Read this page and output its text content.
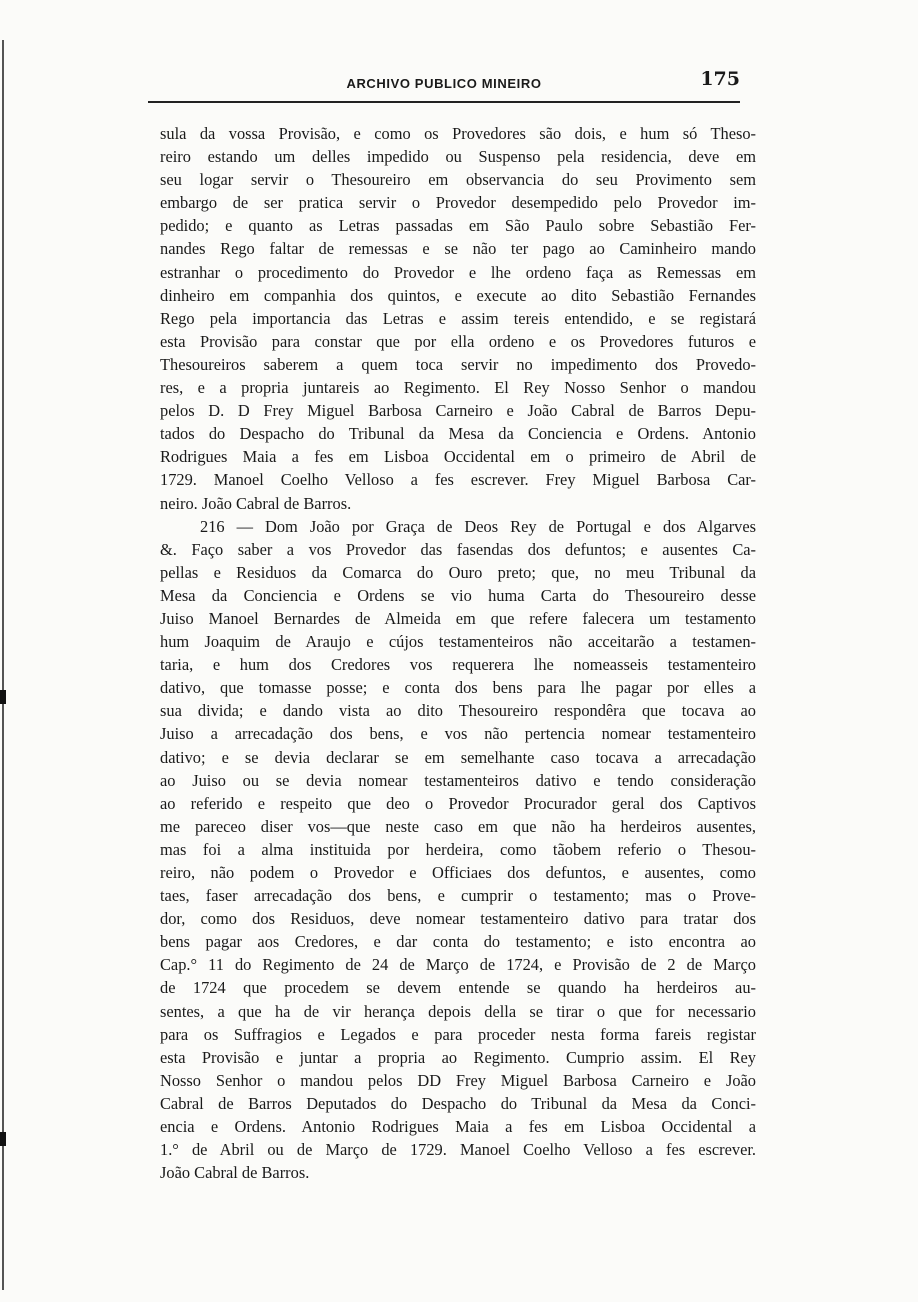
ARCHIVO PUBLICO MINEIRO	175
sula da vossa Provisão, e como os Provedores são dois, e hum só Theso-
reiro estando um delles impedido ou Suspenso pela residencia, deve em
seu logar servir o Thesoureiro em observancia do seu Provimento sem
embargo de ser pratica servir o Provedor desempedido pelo Provedor im-
pedido; e quanto as Letras passadas em São Paulo sobre Sebastião Fer-
nandes Rego faltar de remessas e se não ter pago ao Caminheiro mando
estranhar o procedimento do Provedor e lhe ordeno faça as Remessas em
dinheiro em companhia dos quintos, e execute ao dito Sebastião Fernandes
Rego pela importancia das Letras e assim tereis entendido, e se registará
esta Provisão para constar que por ella ordeno e os Provedores futuros e
Thesoureiros saberem a quem toca servir no impedimento dos Provedo-
res, e a propria juntareis ao Regimento. El Rey Nosso Senhor o mandou
pelos D. D Frey Miguel Barbosa Carneiro e João Cabral de Barros Depu-
tados do Despacho do Tribunal da Mesa da Conciencia e Ordens. Antonio
Rodrigues Maia a fes em Lisboa Occidental em o primeiro de Abril de
1729. Manoel Coelho Velloso a fes escrever. Frey Miguel Barbosa Car-
neiro. João Cabral de Barros.
216 — Dom João por Graça de Deos Rey de Portugal e dos Algarves
&. Faço saber a vos Provedor das fasendas dos defuntos; e ausentes Ca-
pellas e Residuos da Comarca do Ouro preto; que, no meu Tribunal da
Mesa da Conciencia e Ordens se vio huma Carta do Thesoureiro desse
Juiso Manoel Bernardes de Almeida em que refere falecera um testamento
hum Joaquim de Araujo e cújos testamenteiros não acceitarão a testamen-
taria, e hum dos Credores vos requerera lhe nomeasseis testamenteiro
dativo, que tomasse posse; e conta dos bens para lhe pagar por elles a
sua divida; e dando vista ao dito Thesoureiro respondêra que tocava ao
Juiso a arrecadação dos bens, e vos não pertencia nomear testamenteiro
dativo; e se devia declarar se em semelhante caso tocava a arrecadação
ao Juiso ou se devia nomear testamenteiros dativo e tendo consideração
ao referido e respeito que deo o Provedor Procurador geral dos Captivos
me pareceo diser vos—que neste caso em que não ha herdeiros ausentes,
mas foi a alma instituida por herdeira, como tãobem referio o Thesou-
reiro, não podem o Provedor e Officiaes dos defuntos, e ausentes, como
taes, faser arrecadação dos bens, e cumprir o testamento; mas o Prove-
dor, como dos Residuos, deve nomear testamenteiro dativo para tratar dos
bens pagar aos Credores, e dar conta do testamento; e isto encontra ao
Cap.° 11 do Regimento de 24 de Março de 1724, e Provisão de 2 de Março
de 1724 que procedem se devem entende se quando ha herdeiros au-
sentes, a que ha de vir herança depois della se tirar o que for necessario
para os Suffragios e Legados e para proceder nesta forma fareis registar
esta Provisão e juntar a propria ao Regimento. Cumprio assim. El Rey
Nosso Senhor o mandou pelos DD Frey Miguel Barbosa Carneiro e João
Cabral de Barros Deputados do Despacho do Tribunal da Mesa da Conci-
encia e Ordens. Antonio Rodrigues Maia a fes em Lisboa Occidental a
1.° de Abril ou de Março de 1729. Manoel Coelho Velloso a fes escrever.
João Cabral de Barros.
